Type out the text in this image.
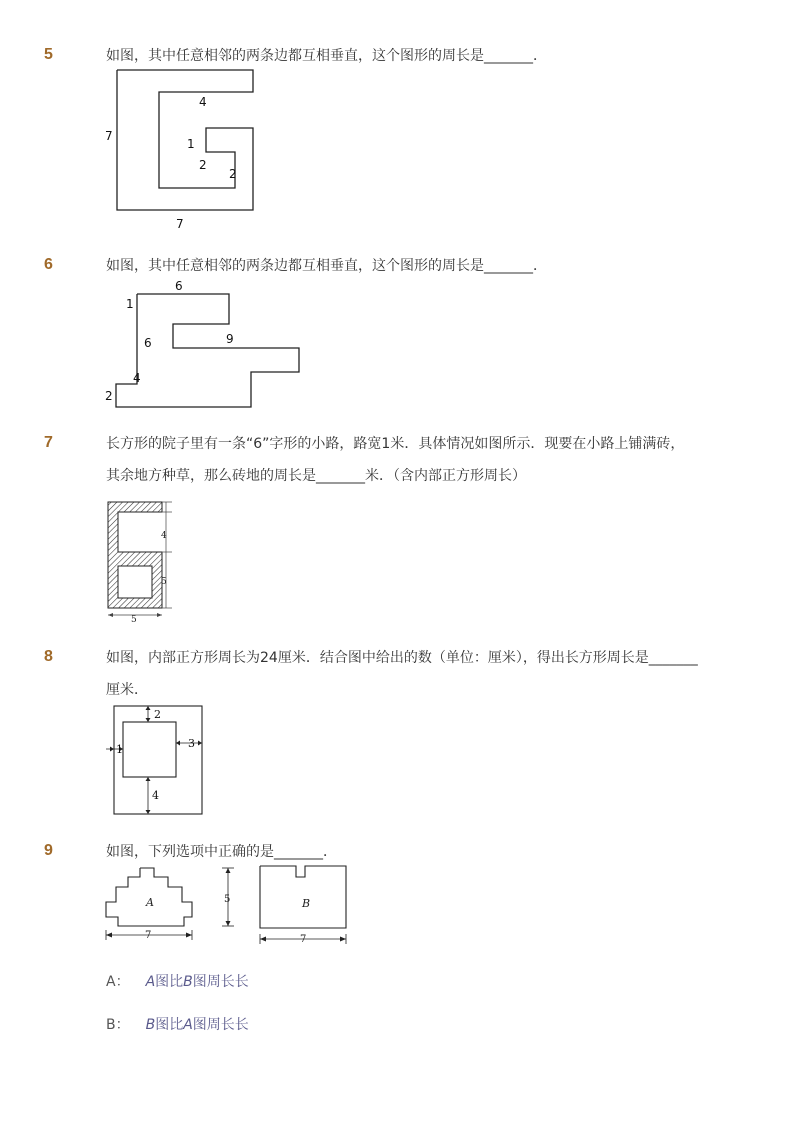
5	如图，其中任意相邻的两条边都互相垂直，这个图形的周长是_______．
4
7
1
2
2
7
6	如图，其中任意相邻的两条边都互相垂直，这个图形的周长是_______．
6
1
6	9
4
2
7	长方形的院子里有一条“6”字形的小路，路宽1米．具体情况如图所示．现要在小路上铺满砖，
其余地方种草，那么砖地的周长是_______米．（含内部正方形周长）
4
5
5
8	如图，内部正方形周长为24厘米．结合图中给出的数（单位：厘米），得出长方形周长是_______
厘米．
2
1	3
4
9	如图，下列选项中正确的是_______．
A
7
5	B
7
A： A图比B图周长长
B： B图比A图周长长
